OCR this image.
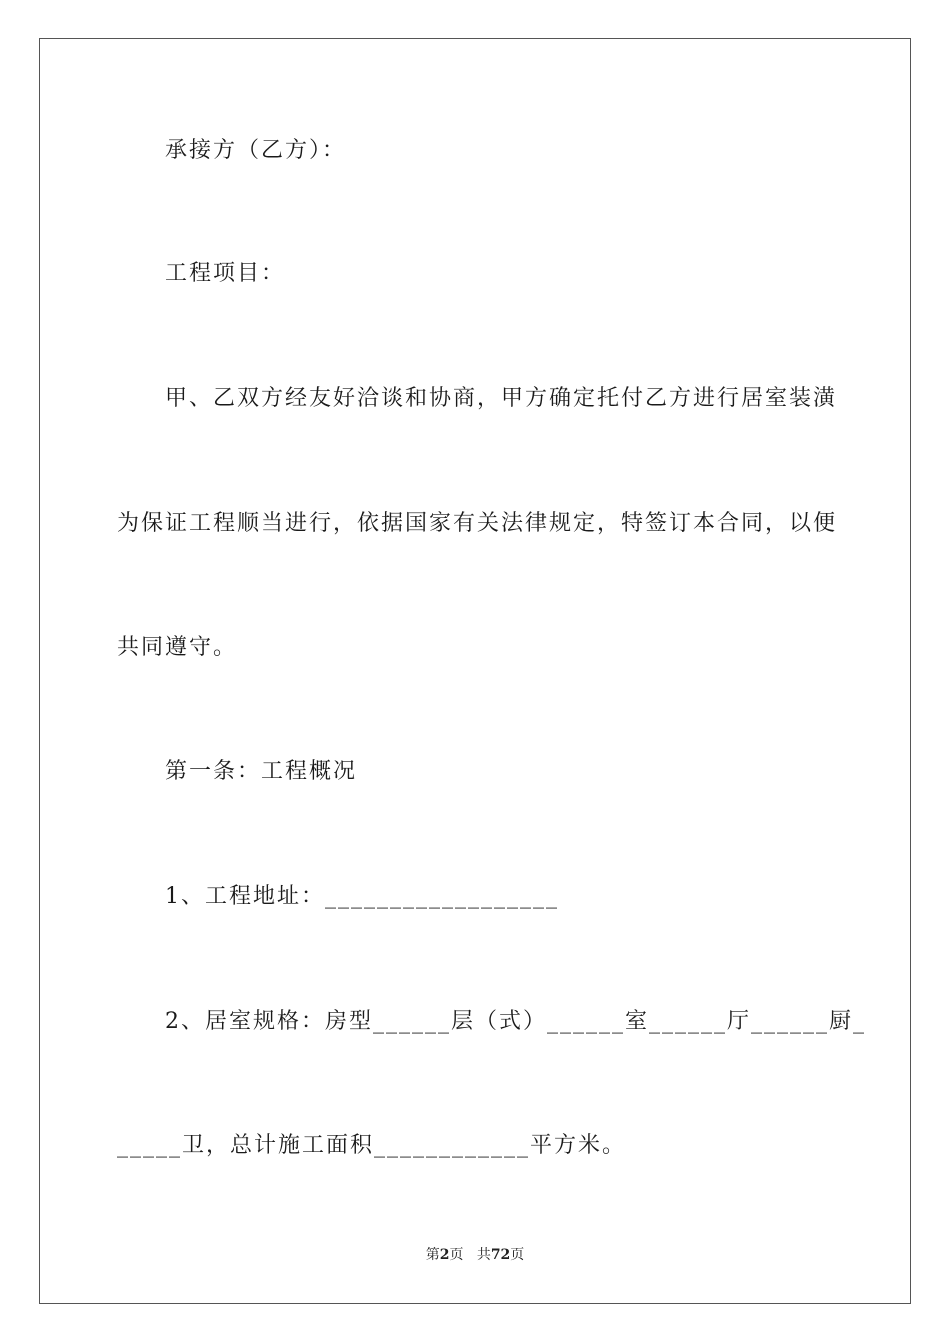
承接方（乙方）：
工程项目：
甲、乙双方经友好洽谈和协商，甲方确定托付乙方进行居室装潢
为保证工程顺当进行，依据国家有关法律规定，特签订本合同，以便
共同遵守。
第一条：工程概况
1、工程地址：__________________
2、居室规格：房型______层（式）______室______厅______厨_
_____卫，总计施工面积____________平方米。
第2页 共72页
